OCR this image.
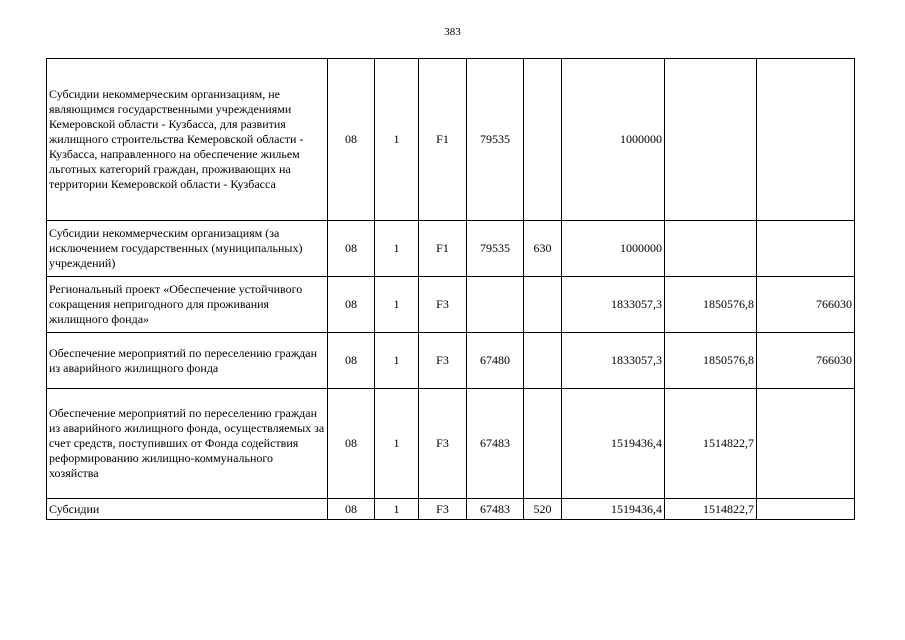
383
Субсидии некоммерческим организациям, не являющимся государственными учреждениями Кемеровской области - Кузбасса, для развития жилищного строительства Кемеровской области - Кузбасса, направленного на обеспечение жильем льготных категорий граждан, проживающих на территории Кемеровской области - Кузбасса	08	1	F1	79535		1000000		
Субсидии некоммерческим организациям (за исключением государственных (муниципальных) учреждений)	08	1	F1	79535	630	1000000		
Региональный проект «Обеспечение устойчивого сокращения непригодного для проживания жилищного фонда»	08	1	F3			1833057,3	1850576,8	766030
Обеспечение мероприятий по переселению граждан из аварийного жилищного фонда	08	1	F3	67480		1833057,3	1850576,8	766030
Обеспечение мероприятий по переселению граждан из аварийного жилищного фонда, осуществляемых за счет средств, поступивших от Фонда содействия реформированию жилищно-коммунального хозяйства	08	1	F3	67483		1519436,4	1514822,7	
Субсидии	08	1	F3	67483	520	1519436,4	1514822,7	
